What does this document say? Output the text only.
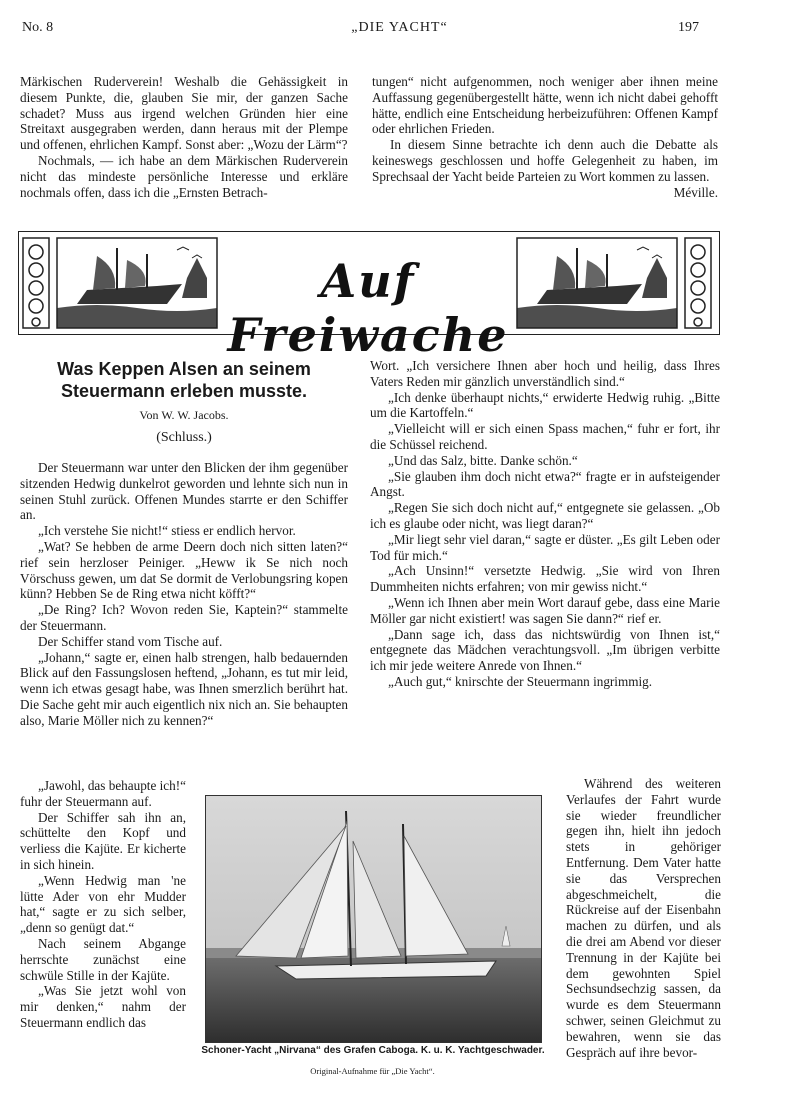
No. 8	„DIE YACHT“	197

Märkischen Ruderverein! Weshalb die Gehässigkeit in diesem Punkte, die, glauben Sie mir, der ganzen Sache schadet? Muss aus irgend welchen Gründen hier eine Streitaxt ausgegraben werden, dann heraus mit der Plempe und offenen, ehrlichen Kampf. Sonst aber: „Wozu der Lärm“?

Nochmals, — ich habe an dem Märkischen Ruderverein nicht das mindeste persönliche Interesse und erkläre nochmals offen, dass ich die „Ernsten Betrach-

tungen“ nicht aufgenommen, noch weniger aber ihnen meine Auffassung gegenübergestellt hätte, wenn ich nicht dabei gehofft hätte, endlich eine Entscheidung herbeizuführen: Offenen Kampf oder ehrlichen Frieden.

In diesem Sinne betrachte ich denn auch die Debatte als keineswegs geschlossen und hoffe Gelegenheit zu haben, im Sprechsaal der Yacht beide Parteien zu Wort kommen zu lassen.

Méville.
Auf Freiwache
Was Keppen Alsen an seinem Steuermann erleben musste.
Von W. W. Jacobs.
(Schluss.)

Der Steuermann war unter den Blicken der ihm gegenüber sitzenden Hedwig dunkelrot geworden und lehnte sich nun in seinen Stuhl zurück. Offenen Mundes starrte er den Schiffer an.

„Ich verstehe Sie nicht!“ stiess er endlich hervor.

„Wat? Se hebben de arme Deern doch nich sitten laten?“ rief sein herzloser Peiniger. „Heww ik Se nich noch Vörschuss gewen, um dat Se dormit de Verlobungsring kopen künn? Hebben Se de Ring etwa nicht köfft?“

„De Ring? Ich? Wovon reden Sie, Kaptein?“ stammelte der Steuermann.

Der Schiffer stand vom Tische auf.

„Johann,“ sagte er, einen halb strengen, halb bedauernden Blick auf den Fassungslosen heftend, „Johann, es tut mir leid, wenn ich etwas gesagt habe, was Ihnen smerzlich berührt hat. Die Sache geht mir auch eigentlich nix nich an. Sie behaupten also, Marie Möller nich zu kennen?“

„Jawohl, das behaupte ich!“ fuhr der Steuermann auf.

Der Schiffer sah ihn an, schüttelte den Kopf und verliess die Kajüte. Er kicherte in sich hinein.

„Wenn Hedwig man 'ne lütte Ader von ehr Mudder hat,“ sagte er zu sich selber, „denn so genügt dat.“

Nach seinem Abgange herrschte zunächst eine schwüle Stille in der Kajüte.

„Was Sie jetzt wohl von mir denken,“ nahm der Steuermann endlich das

Wort. „Ich versichere Ihnen aber hoch und heilig, dass Ihres Vaters Reden mir gänzlich unverständlich sind.“

„Ich denke überhaupt nichts,“ erwiderte Hedwig ruhig. „Bitte um die Kartoffeln.“

„Vielleicht will er sich einen Spass machen,“ fuhr er fort, ihr die Schüssel reichend.

„Und das Salz, bitte. Danke schön.“

„Sie glauben ihm doch nicht etwa?“ fragte er in aufsteigender Angst.

„Regen Sie sich doch nicht auf,“ entgegnete sie gelassen. „Ob ich es glaube oder nicht, was liegt daran?“

„Mir liegt sehr viel daran,“ sagte er düster. „Es gilt Leben oder Tod für mich.“

„Ach Unsinn!“ versetzte Hedwig. „Sie wird von Ihren Dummheiten nichts erfahren; von mir gewiss nicht.“

„Wenn ich Ihnen aber mein Wort darauf gebe, dass eine Marie Möller gar nicht existiert! was sagen Sie dann?“ rief er.

„Dann sage ich, dass das nichtswürdig von Ihnen ist,“ entgegnete das Mädchen verachtungsvoll. „Im übrigen verbitte ich mir jede weitere Anrede von Ihnen.“

„Auch gut,“ knirschte der Steuermann ingrimmig.

Während des weiteren Verlaufes der Fahrt wurde sie wieder freundlicher gegen ihn, hielt ihn jedoch stets in gehöriger Entfernung. Dem Vater hatte sie das Versprechen abgeschmeichelt, die Rückreise auf der Eisenbahn machen zu dürfen, und als die drei am Abend vor dieser Trennung in der Kajüte bei dem gewohnten Spiel Sechsundsechzig sassen, da wurde es dem Steuermann schwer, seinen Gleichmut zu bewahren, wenn sie das Gespräch auf ihre bevor-

Schoner-Yacht „Nirvana“ des Grafen Caboga. K. u. K. Yachtgeschwader.
Original-Aufnahme für „Die Yacht“.
